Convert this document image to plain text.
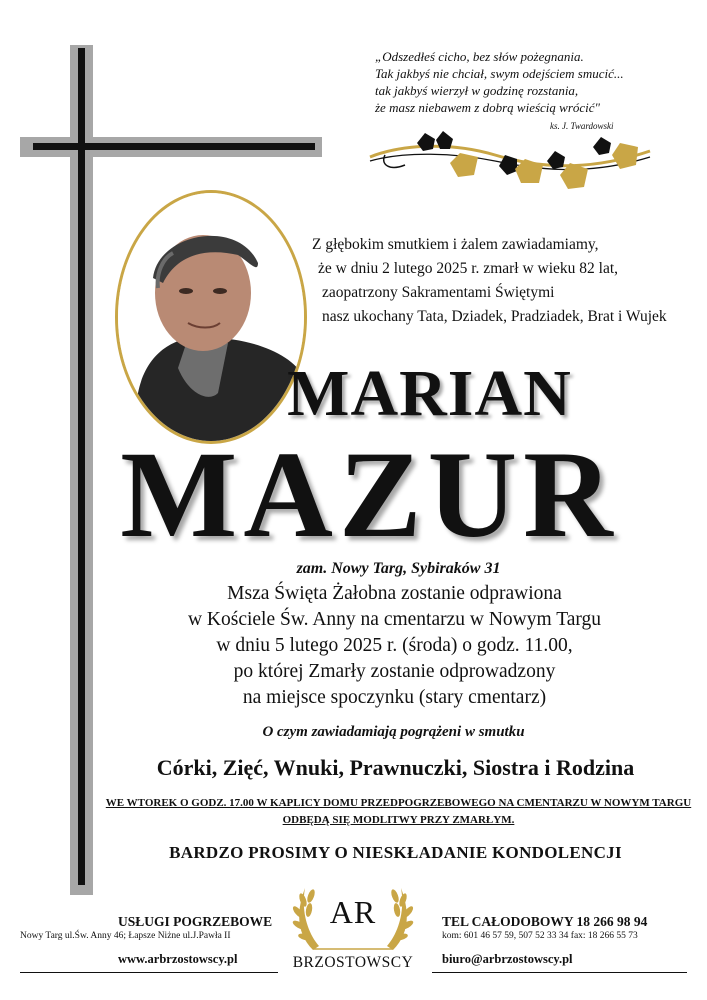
„Odszedłeś cicho, bez słów pożegnania.
Tak jakbyś nie chciał, swym odejściem smucić...
tak jakbyś wierzył w godzinę rozstania,
że masz niebawem z dobrą wieścią wrócić"
ks. J. Twardowski
Z głębokim smutkiem i żalem zawiadamiamy,
że w dniu 2 lutego 2025 r. zmarł w wieku 82 lat,
zaopatrzony Sakramentami Świętymi
nasz ukochany Tata, Dziadek, Pradziadek, Brat i Wujek
MARIAN
MAZUR
zam. Nowy Targ, Sybiraków 31
Msza Święta Żałobna zostanie odprawiona
w Kościele Św. Anny na cmentarzu w Nowym Targu
w dniu 5 lutego 2025 r. (środa) o godz. 11.00,
po której Zmarły zostanie odprowadzony
na miejsce spoczynku (stary cmentarz)
O czym zawiadamiają pogrążeni w smutku
Córki, Zięć, Wnuki, Prawnuczki, Siostra i Rodzina
WE WTOREK O GODZ. 17.00 W KAPLICY DOMU PRZEDPOGRZEBOWEGO NA CMENTARZU W NOWYM TARGU
ODBĘDĄ SIĘ MODLITWY PRZY ZMARŁYM.
BARDZO PROSIMY O NIESKŁADANIE KONDOLENCJI
USŁUGI POGRZEBOWE
Nowy Targ ul.Św. Anny 46; Łapsze Niżne ul.J.Pawła II
www.arbrzostowscy.pl
TEL CAŁODOBOWY 18 266 98 94
kom: 601 46 57 59, 507 52 33 34 fax: 18 266 55 73
biuro@arbrzostowscy.pl
AR
BRZOSTOWSCY
